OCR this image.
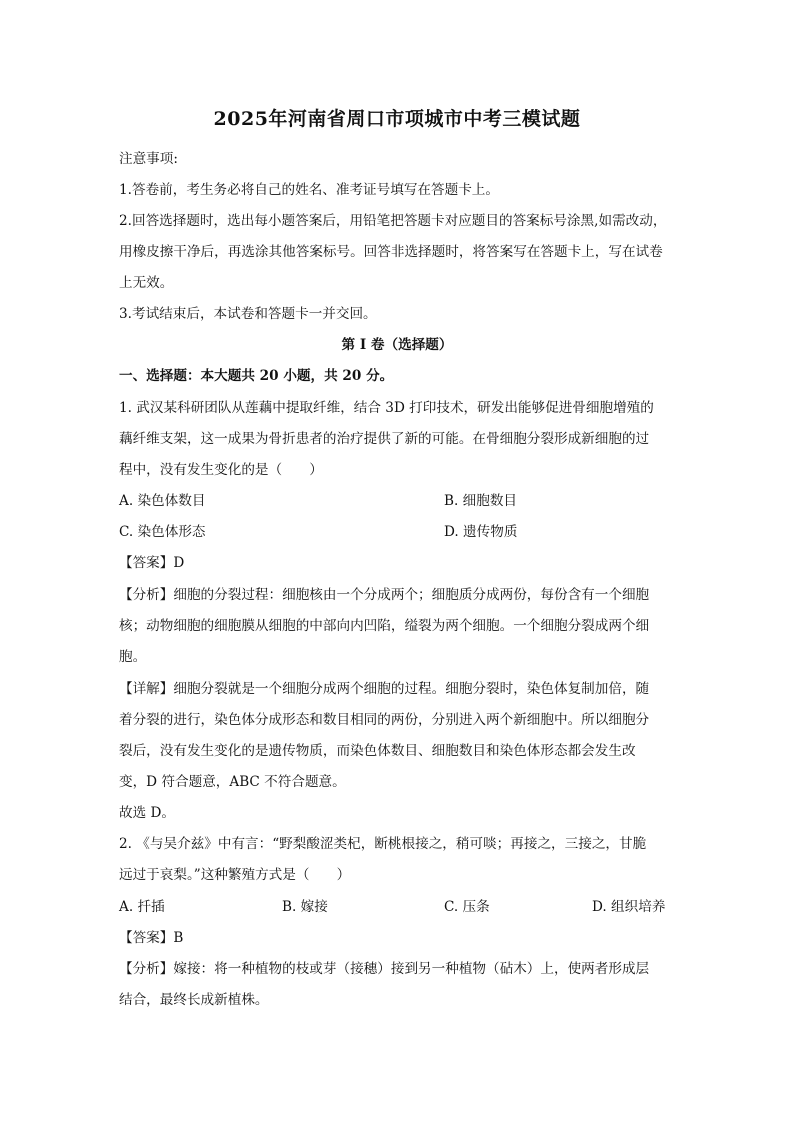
2025年河南省周口市项城市中考三模试题
注意事项:
1.答卷前，考生务必将自己的姓名、准考证号填写在答题卡上。
2.回答选择题时，选出每小题答案后，用铅笔把答题卡对应题目的答案标号涂黑,如需改动，
用橡皮擦干净后，再选涂其他答案标号。回答非选择题时，将答案写在答题卡上，写在试卷
上无效。
3.考试结束后，本试卷和答题卡一并交回。
第 I 卷（选择题）
一、选择题：本大题共 20 小题，共 20 分。
1. 武汉某科研团队从莲藕中提取纤维，结合 3D 打印技术，研发出能够促进骨细胞增殖的
藕纤维支架，这一成果为骨折患者的治疗提供了新的可能。在骨细胞分裂形成新细胞的过
程中，没有发生变化的是（　　）
A. 染色体数目	B. 细胞数目
C. 染色体形态	D. 遗传物质
【答案】D
【分析】细胞的分裂过程：细胞核由一个分成两个；细胞质分成两份，每份含有一个细胞
核；动物细胞的细胞膜从细胞的中部向内凹陷，缢裂为两个细胞。一个细胞分裂成两个细
胞。
【详解】细胞分裂就是一个细胞分成两个细胞的过程。细胞分裂时，染色体复制加倍，随
着分裂的进行，染色体分成形态和数目相同的两份，分别进入两个新细胞中。所以细胞分
裂后，没有发生变化的是遗传物质，而染色体数目、细胞数目和染色体形态都会发生改
变，D 符合题意，ABC 不符合题意。
故选 D。
2. 《与吴介兹》中有言：“野梨酸涩类杞，断桃根接之，稍可啖；再接之，三接之，甘脆
远过于哀梨。”这种繁殖方式是（　　）
A. 扦插	B. 嫁接	C. 压条	D. 组织培养
【答案】B
【分析】嫁接：将一种植物的枝或芽（接穗）接到另一种植物（砧木）上，使两者形成层
结合，最终长成新植株。
